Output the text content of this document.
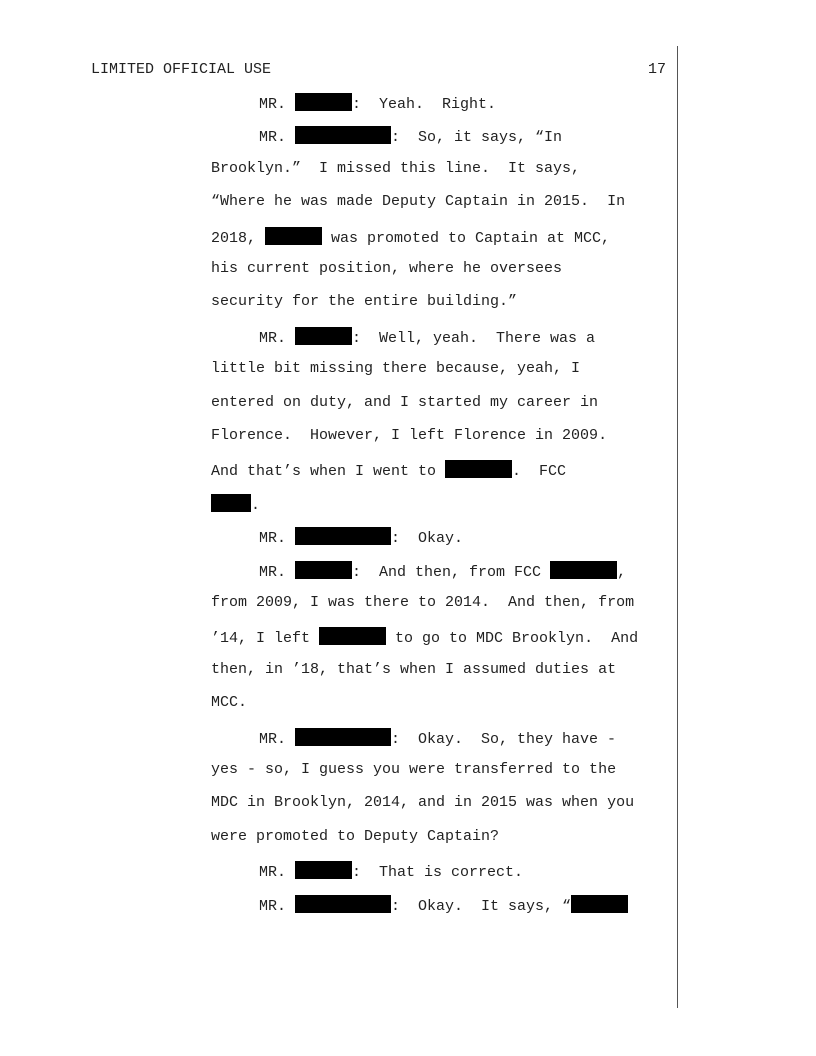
LIMITED OFFICIAL USE	17
MR.	:  Yeah.  Right.
MR.	:  So, it says, “In
Brooklyn.”  I missed this line.  It says,
“Where he was made Deputy Captain in 2015.  In
2018,	was promoted to Captain at MCC,
his current position, where he oversees
security for the entire building.”
MR.	:  Well, yeah.  There was a
little bit missing there because, yeah, I
entered on duty, and I started my career in
Florence.  However, I left Florence in 2009.
And that’s when I went to	.  FCC
.
MR.	:  Okay.
MR.	:  And then, from FCC	,
from 2009, I was there to 2014.  And then, from
’14, I left	to go to MDC Brooklyn.  And
then, in ’18, that’s when I assumed duties at
MCC.
MR.	:  Okay.  So, they have -
yes - so, I guess you were transferred to the
MDC in Brooklyn, 2014, and in 2015 was when you
were promoted to Deputy Captain?
MR.	:  That is correct.
MR.	:  Okay.  It says, “
